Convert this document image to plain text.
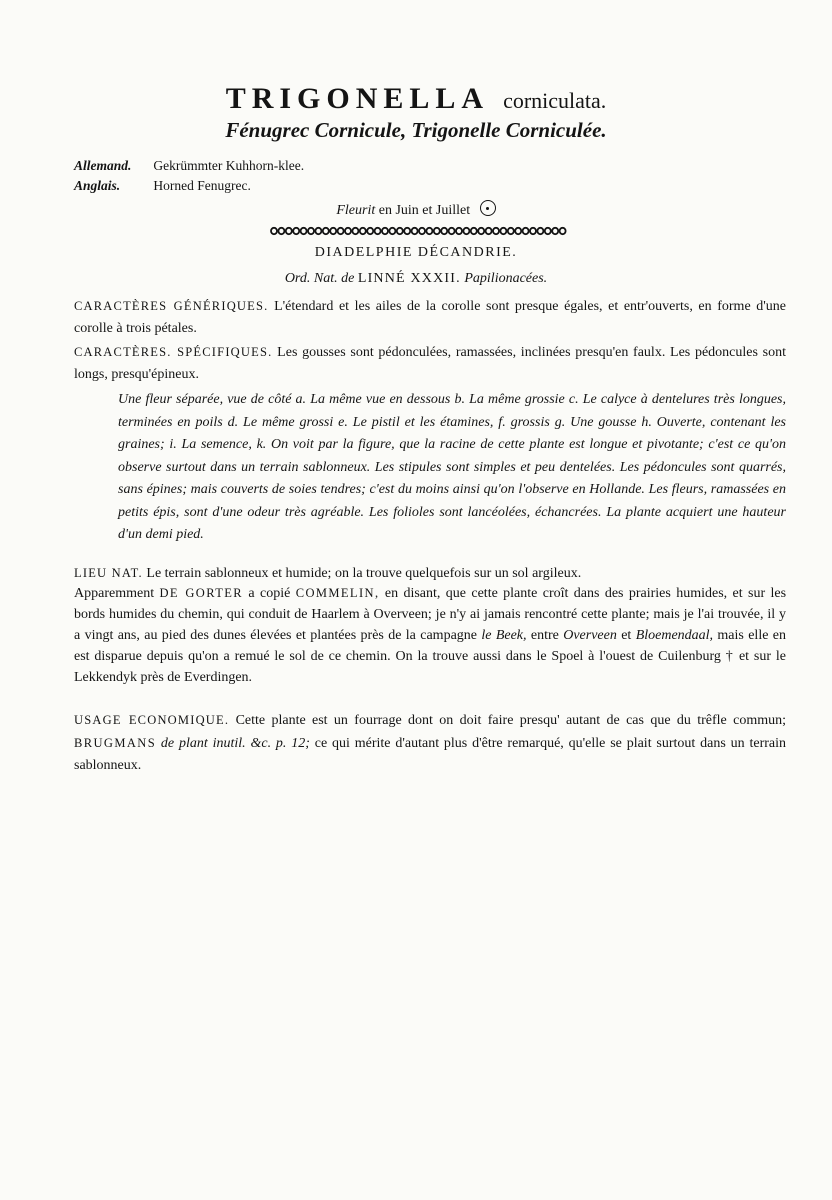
TRIGONELLA corniculata.
Fénugrec Cornicule, Trigonelle Corniculée.
Allemand. Gekrümmter Kuhhorn-klee.
Anglais. Horned Fenugrec.
Fleurit en Juin et Juillet
DIADELPHIE DÉCANDRIE.
Ord. Nat. de LINNÉ XXXII. Papilionacées.
CARACTÈRES GÉNÉRIQUES. L'étendard et les ailes de la corolle sont presque égales, et entr'ouverts, en forme d'une corolle à trois pétales.
CARACTÈRES. SPÉCIFIQUES. Les gousses sont pédonculées, ramassées, inclinées presqu'en faulx. Les pédoncules sont longs, presqu'épineux.
Une fleur séparée, vue de côté a. La même vue en dessous b. La même grossie c. Le calyce à dentelures très longues, terminées en poils d. Le même grossi e. Le pistil et les étamines, f. grossis g. Une gousse h. Ouverte, contenant les graines; i. La semence, k. On voit par la figure, que la racine de cette plante est longue et pivotante; c'est ce qu'on observe surtout dans un terrain sablonneux. Les stipules sont simples et peu dentelées. Les pédoncules sont quarrés, sans épines; mais couverts de soies tendres; c'est du moins ainsi qu'on l'observe en Hollande. Les fleurs, ramassées en petits épis, sont d'une odeur très agréable. Les folioles sont lancéolées, échancrées. La plante acquiert une hauteur d'un demi pied.
LIEU NAT. Le terrain sablonneux et humide; on la trouve quelquefois sur un sol argileux.
Apparemment DE GORTER a copié COMMELIN, en disant, que cette plante croît dans des prairies humides, et sur les bords humides du chemin, qui conduit de Haarlem à Overveen; je n'y ai jamais rencontré cette plante; mais je l'ai trouvée, il y a vingt ans, au pied des dunes élevées et plantées près de la campagne le Beek, entre Overveen et Bloemendaal, mais elle en est disparue depuis qu'on a remué le sol de ce chemin. On la trouve aussi dans le Spoel à l'ouest de Cuilenburg † et sur le Lekkendyk près de Everdingen.
USAGE ECONOMIQUE. Cette plante est un fourrage dont on doit faire presqu' autant de cas que du trêfle commun; BRUGMANS de plant inutil. &c. p. 12; ce qui mérite d'autant plus d'être remarqué, qu'elle se plait surtout dans un terrain sablonneux.
